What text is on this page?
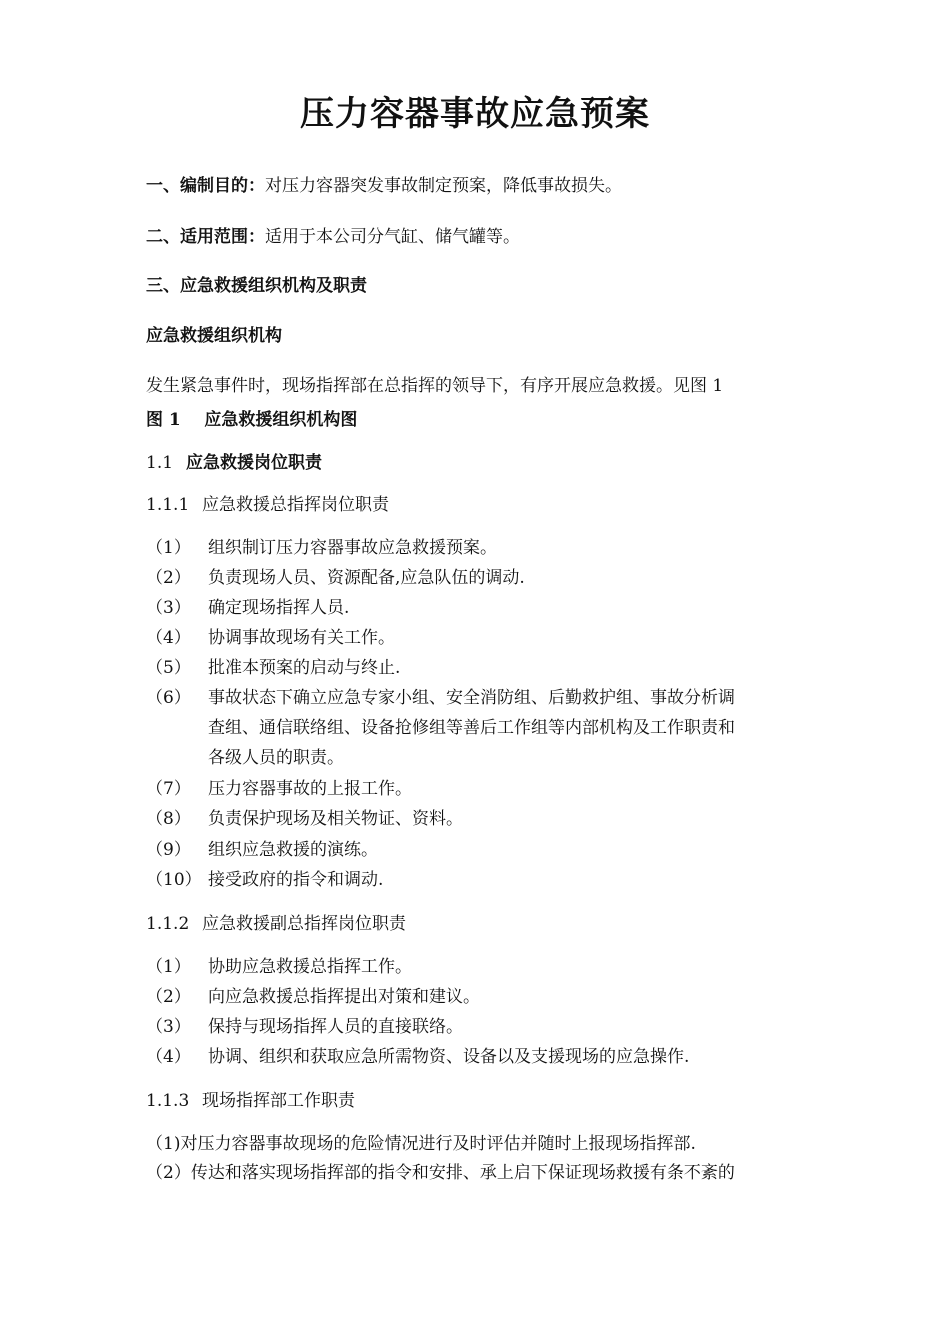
压力容器事故应急预案
一、编制目的：对压力容器突发事故制定预案，降低事故损失。
二、适用范围：适用于本公司分气缸、储气罐等。
三、应急救援组织机构及职责
应急救援组织机构
发生紧急事件时，现场指挥部在总指挥的领导下，有序开展应急救援。见图 1
图 1    应急救援组织机构图
1.1 应急救援岗位职责
1.1.1 应急救援总指挥岗位职责
（1） 组织制订压力容器事故应急救援预案。
（2） 负责现场人员、资源配备,应急队伍的调动.
（3） 确定现场指挥人员.
（4） 协调事故现场有关工作。
（5） 批准本预案的启动与终止.
（6） 事故状态下确立应急专家小组、安全消防组、后勤救护组、事故分析调
查组、通信联络组、设备抢修组等善后工作组等内部机构及工作职责和
各级人员的职责。
（7） 压力容器事故的上报工作。
（8） 负责保护现场及相关物证、资料。
（9） 组织应急救援的演练。
（10） 接受政府的指令和调动.
1.1.2 应急救援副总指挥岗位职责
（1） 协助应急救援总指挥工作。
（2） 向应急救援总指挥提出对策和建议。
（3） 保持与现场指挥人员的直接联络。
（4） 协调、组织和获取应急所需物资、设备以及支援现场的应急操作.
1.1.3 现场指挥部工作职责
（1)对压力容器事故现场的危险情况进行及时评估并随时上报现场指挥部.
（2）传达和落实现场指挥部的指令和安排、承上启下保证现场救援有条不紊的
